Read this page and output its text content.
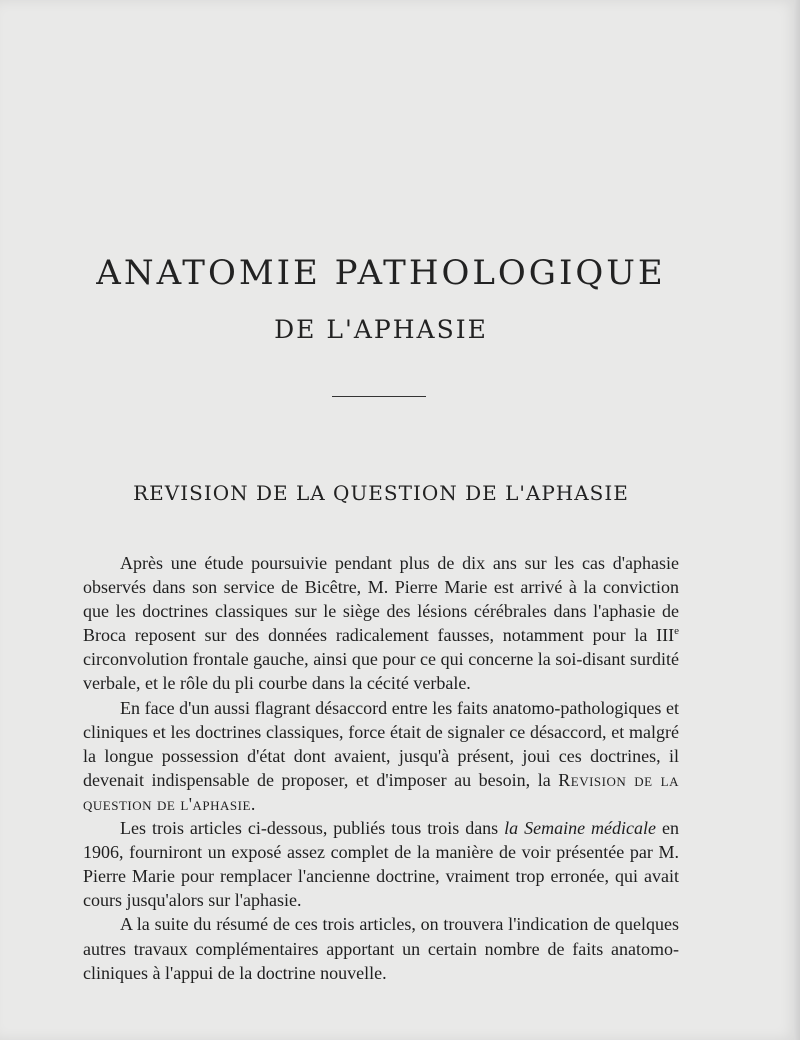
ANATOMIE PATHOLOGIQUE
DE L'APHASIE
REVISION DE LA QUESTION DE L'APHASIE

Après une étude poursuivie pendant plus de dix ans sur les cas d'aphasie observés dans son service de Bicêtre, M. Pierre Marie est arrivé à la conviction que les doctrines classiques sur le siège des lésions cérébrales dans l'aphasie de Broca reposent sur des données radicalement fausses, notamment pour la IIIe circonvolution frontale gauche, ainsi que pour ce qui concerne la soi-disant surdité verbale, et le rôle du pli courbe dans la cécité verbale.

En face d'un aussi flagrant désaccord entre les faits anatomo-pathologiques et cliniques et les doctrines classiques, force était de signaler ce désaccord, et malgré la longue possession d'état dont avaient, jusqu'à présent, joui ces doctrines, il devenait indispensable de proposer, et d'imposer au besoin, la Revision de la question de l'aphasie.

Les trois articles ci-dessous, publiés tous trois dans la Semaine médicale en 1906, fourniront un exposé assez complet de la manière de voir présentée par M. Pierre Marie pour remplacer l'ancienne doctrine, vraiment trop erronée, qui avait cours jusqu'alors sur l'aphasie.

A la suite du résumé de ces trois articles, on trouvera l'indication de quelques autres travaux complémentaires apportant un certain nombre de faits anatomo-cliniques à l'appui de la doctrine nouvelle.
